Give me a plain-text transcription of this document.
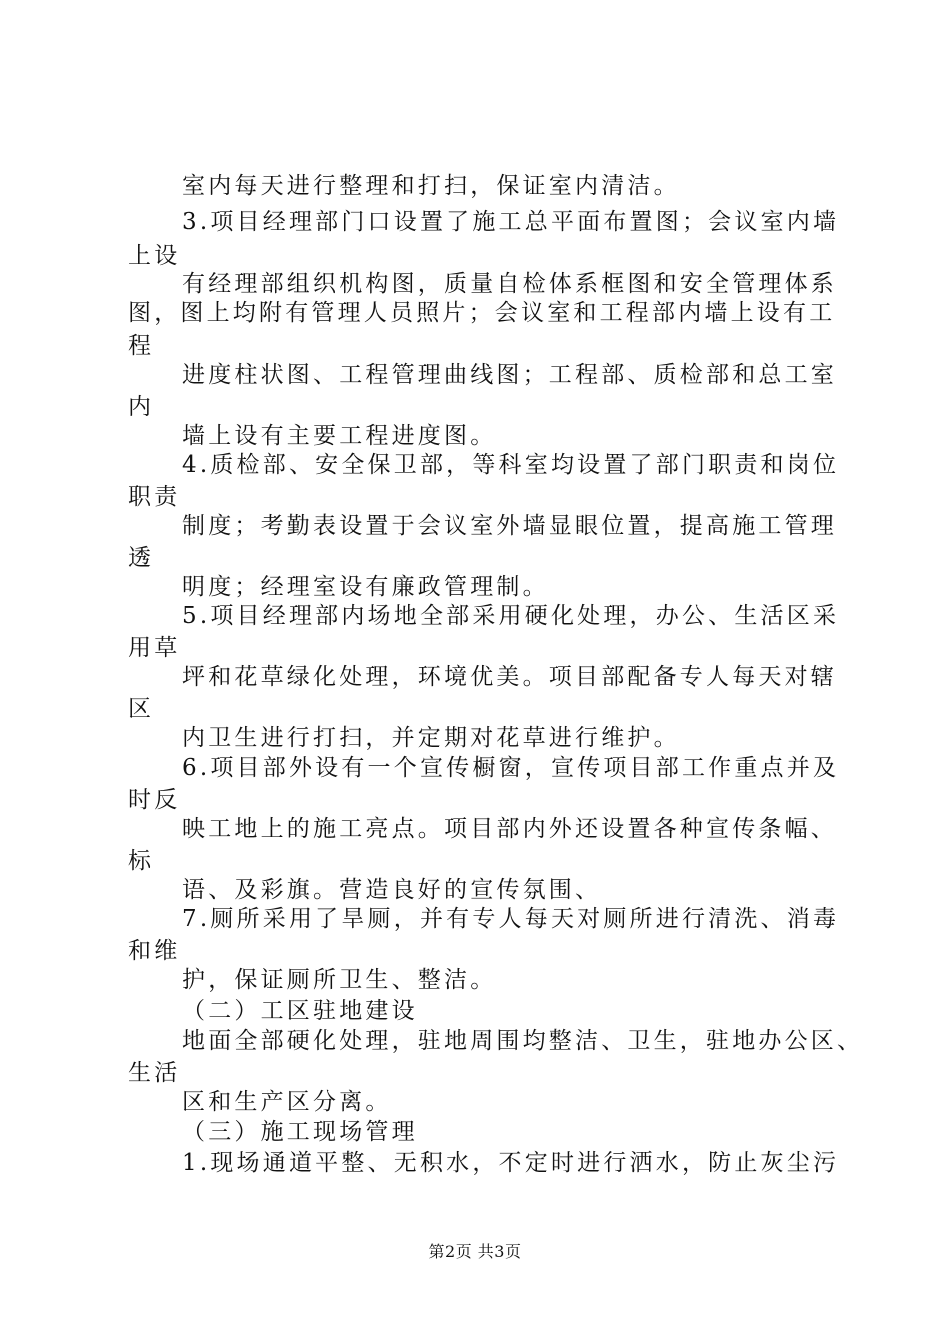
室内每天进行整理和打扫，保证室内清洁。
3.项目经理部门口设置了施工总平面布置图；会议室内墙
上设
有经理部组织机构图，质量自检体系框图和安全管理体系
图，图上均附有管理人员照片；会议室和工程部内墙上设有工
程
进度柱状图、工程管理曲线图；工程部、质检部和总工室
内
墙上设有主要工程进度图。
4.质检部、安全保卫部，等科室均设置了部门职责和岗位
职责
制度；考勤表设置于会议室外墙显眼位置，提高施工管理
透
明度；经理室设有廉政管理制。
5.项目经理部内场地全部采用硬化处理，办公、生活区采
用草
坪和花草绿化处理，环境优美。项目部配备专人每天对辖
区
内卫生进行打扫，并定期对花草进行维护。
6.项目部外设有一个宣传橱窗，宣传项目部工作重点并及
时反
映工地上的施工亮点。项目部内外还设置各种宣传条幅、
标
语、及彩旗。营造良好的宣传氛围、
7.厕所采用了旱厕，并有专人每天对厕所进行清洗、消毒
和维
护，保证厕所卫生、整洁。
（二）工区驻地建设
地面全部硬化处理，驻地周围均整洁、卫生，驻地办公区、
生活
区和生产区分离。
（三）施工现场管理
1.现场通道平整、无积水，不定时进行洒水，防止灰尘污
第2页 共3页
